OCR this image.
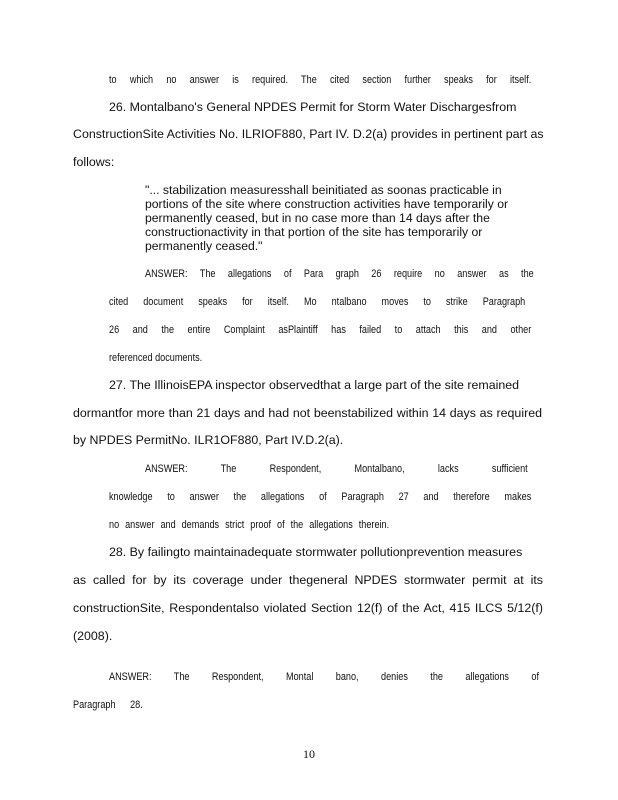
to which no answer is required. The cited section further speaks for itself.
26. Montalbano's General NPDES Permit for Storm Water Dischargesfrom
ConstructionSite Activities No. ILRIOF880, Part IV. D.2(a) provides in pertinent part as
follows:
"... stabilization measuresshall beinitiated as soonas practicable in
portions of the site where construction activities have temporarily or
permanently ceased, but in no case more than 14 days after the
constructionactivity in that portion of the site has temporarily or
permanently ceased."
ANSWER: The allegations of Para graph 26 require no answer as the
cited document speaks for itself. Mo ntalbano moves to strike Paragraph
26 and the entire Complaint asPlaintiff has failed to attach this and other
referenced documents.
27. The IllinoisEPA inspector observedthat a large part of the site remained
dormantfor more than 21 days and had not beenstabilized within 14 days as required
by NPDES PermitNo. ILR1OF880, Part IV.D.2(a).
ANSWER: The Respondent, Montalbano, lacks sufficient
knowledge to answer the allegations of Paragraph 27 and therefore makes
no answer and demands strict proof of the allegations therein.
28. By failingto maintainadequate stormwater pollutionprevention measures
as called for by its coverage under thegeneral NPDES stormwater permit at its
constructionSite, Respondentalso violated Section 12(f) of the Act, 415 ILCS 5/12(f)
(2008).
ANSWER: The Respondent, Montal bano, denies the allegations of
Paragraph 28.
10
